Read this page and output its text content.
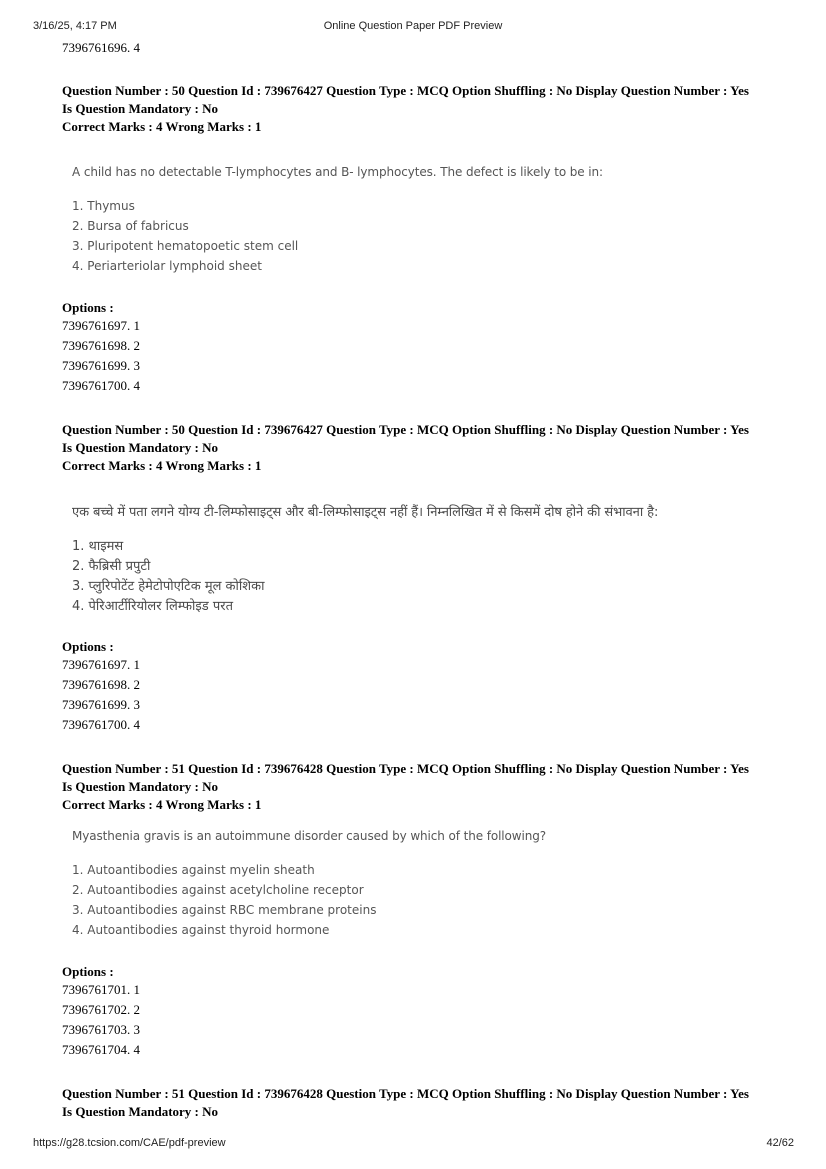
3/16/25, 4:17 PM	Online Question Paper PDF Preview
7396761696. 4
Question Number : 50 Question Id : 739676427 Question Type : MCQ Option Shuffling : No Display Question Number : Yes
Is Question Mandatory : No
Correct Marks : 4 Wrong Marks : 1
A child has no detectable T-lymphocytes and B- lymphocytes. The defect is likely to be in:
1. Thymus
2. Bursa of fabricus
3. Pluripotent hematopoetic stem cell
4. Periarteriolar lymphoid sheet
Options :
7396761697. 1
7396761698. 2
7396761699. 3
7396761700. 4
Question Number : 50 Question Id : 739676427 Question Type : MCQ Option Shuffling : No Display Question Number : Yes
Is Question Mandatory : No
Correct Marks : 4 Wrong Marks : 1
एक बच्चे में पता लगने योग्य टी-लिम्फोसाइट्स और बी-लिम्फोसाइट्स नहीं हैं। निम्नलिखित में से किसमें दोष होने की संभावना है:
1. थाइमस
2. फैब्रिसी प्रपुटी
3. प्लुरिपोटेंट हेमेटोपोएटिक मूल कोशिका
4. पेरिआर्टीरियोलर लिम्फोइड परत
Options :
7396761697. 1
7396761698. 2
7396761699. 3
7396761700. 4
Question Number : 51 Question Id : 739676428 Question Type : MCQ Option Shuffling : No Display Question Number : Yes
Is Question Mandatory : No
Correct Marks : 4 Wrong Marks : 1
Myasthenia gravis is an autoimmune disorder caused by which of the following?
1. Autoantibodies against myelin sheath
2. Autoantibodies against acetylcholine receptor
3. Autoantibodies against RBC membrane proteins
4. Autoantibodies against thyroid hormone
Options :
7396761701. 1
7396761702. 2
7396761703. 3
7396761704. 4
Question Number : 51 Question Id : 739676428 Question Type : MCQ Option Shuffling : No Display Question Number : Yes
Is Question Mandatory : No
https://g28.tcsion.com/CAE/pdf-preview	42/62
